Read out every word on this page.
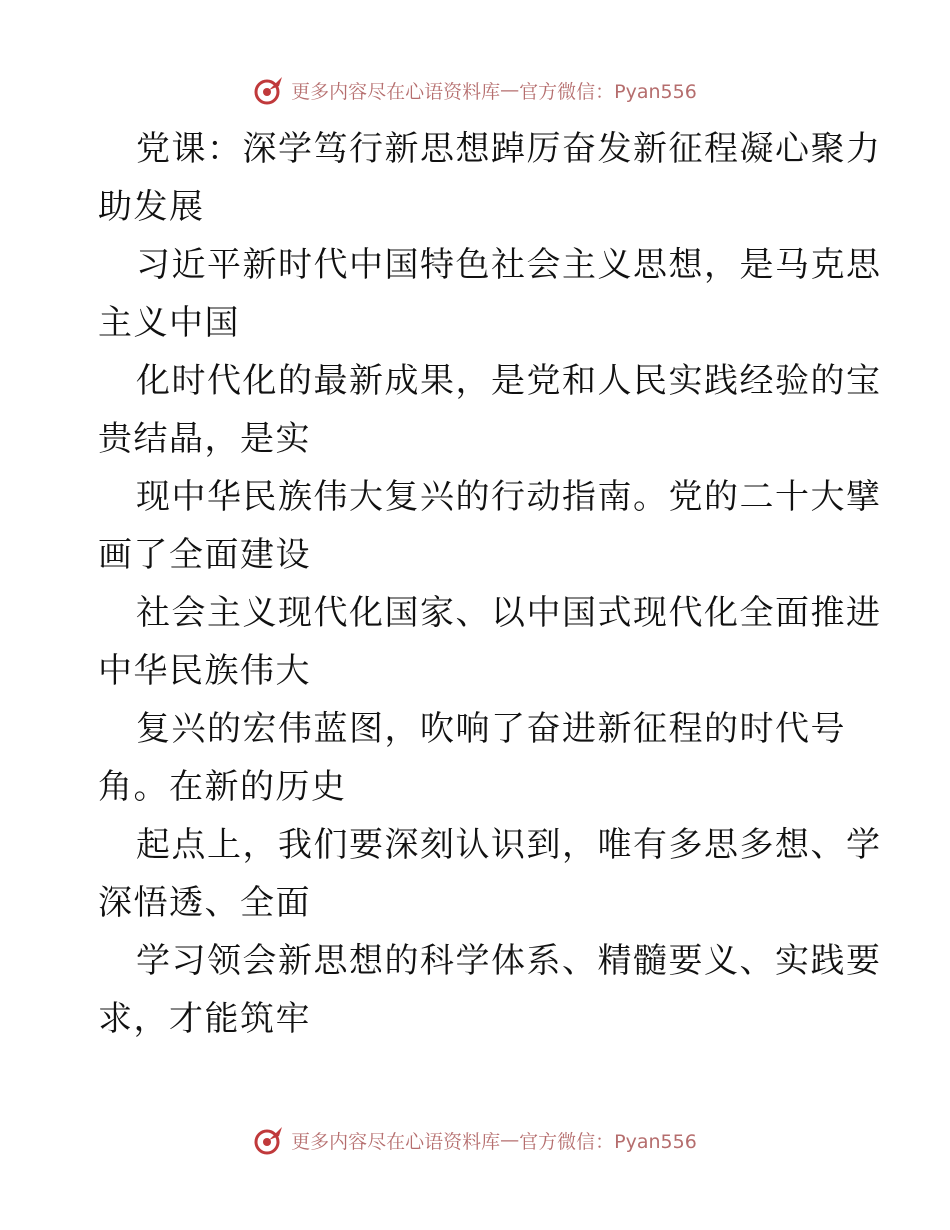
更多内容尽在心语资料库 — 官方微信：Pyan556
党课：深学笃行新思想踔厉奋发新征程凝心聚力
助发展
习近平新时代中国特色社会主义思想，是马克思
主义中国
化时代化的最新成果，是党和人民实践经验的宝
贵结晶，是实
现中华民族伟大复兴的行动指南。党的二十大擘
画了全面建设
社会主义现代化国家、以中国式现代化全面推进
中华民族伟大
复兴的宏伟蓝图，吹响了奋进新征程的时代号
角。在新的历史
起点上，我们要深刻认识到，唯有多思多想、学
深悟透、全面
学习领会新思想的科学体系、精髓要义、实践要
求，才能筑牢
更多内容尽在心语资料库 — 官方微信：Pyan556
